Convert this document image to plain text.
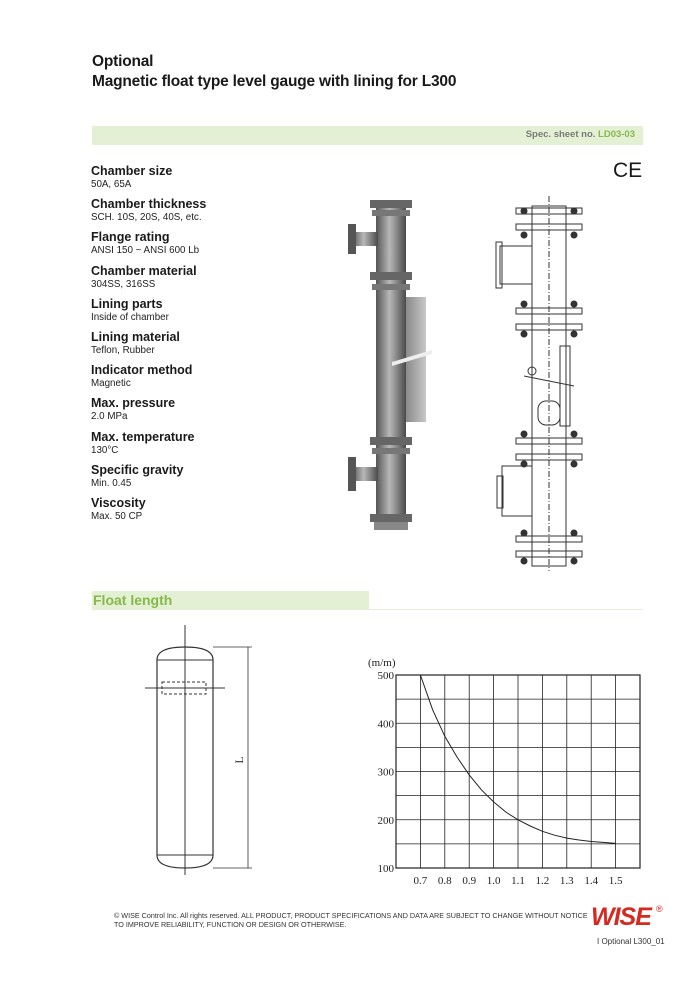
Optional
Magnetic float type level gauge with lining for L300
Spec. sheet no. LD03-03
CE
Chamber size
50A, 65A
Chamber thickness
SCH. 10S, 20S, 40S, etc.
Flange rating
ANSI 150 ~ ANSI 600 Lb
Chamber material
304SS, 316SS
Lining parts
Inside of chamber
Lining material
Teflon, Rubber
Indicator method
Magnetic
Max. pressure
2.0 MPa
Max. temperature
130°C
Specific gravity
Min. 0.45
Viscosity
Max. 50 CP
Float length
L
(m/m)
100
200
300
400
500
0.7 0.8 0.9 1.0 1.1 1.2 1.3 1.4 1.5
© WISE Control Inc. All rights reserved. ALL PRODUCT, PRODUCT SPECIFICATIONS AND DATA ARE SUBJECT TO CHANGE WITHOUT NOTICE TO IMPROVE RELIABILITY, FUNCTION OR DESIGN OR OTHERWISE.	WISE ®
I Optional L300_01
